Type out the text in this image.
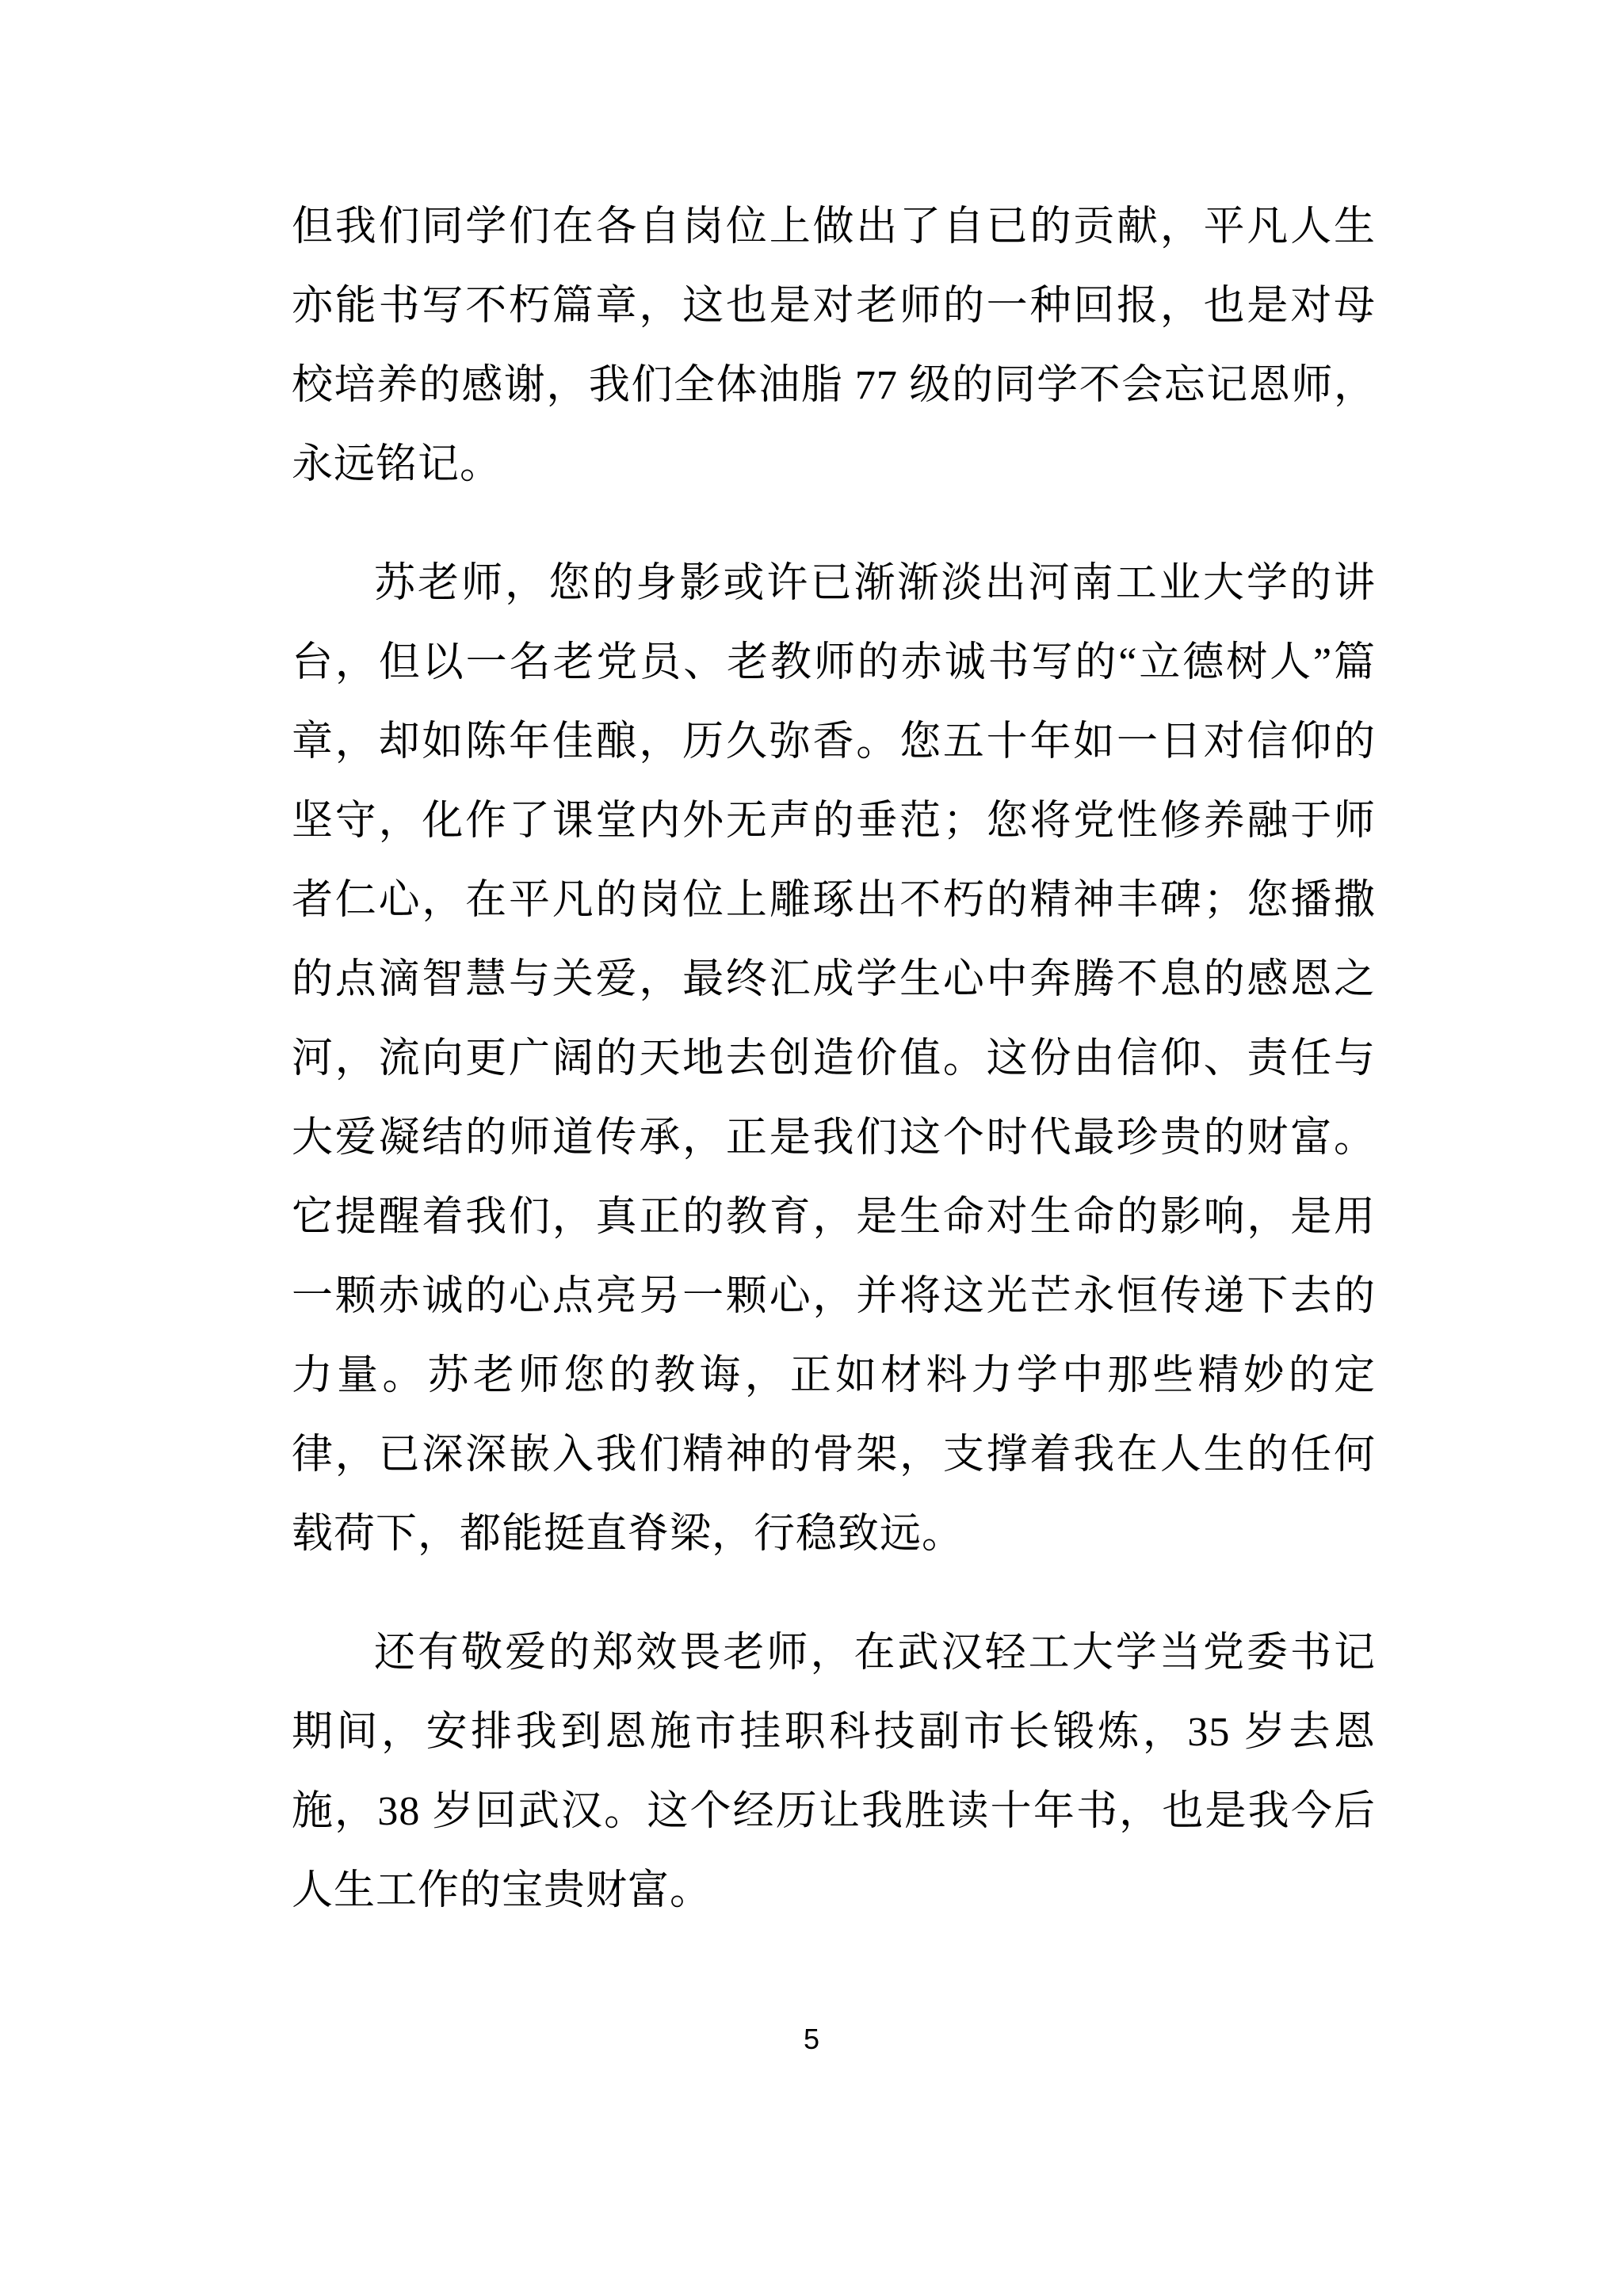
但我们同学们在各自岗位上做出了自已的贡献，平凡人生亦能书写不朽篇章，这也是对老师的一种回报，也是对母校培养的感谢，我们全体油脂 77 级的同学不会忘记恩师，永远铭记。

苏老师，您的身影或许已渐渐淡出河南工业大学的讲台，但以一名老党员、老教师的赤诚书写的“立德树人”篇章，却如陈年佳酿，历久弥香。您五十年如一日对信仰的坚守，化作了课堂内外无声的垂范；您将党性修养融于师者仁心，在平凡的岗位上雕琢出不朽的精神丰碑；您播撒的点滴智慧与关爱，最终汇成学生心中奔腾不息的感恩之河，流向更广阔的天地去创造价值。这份由信仰、责任与大爱凝结的师道传承，正是我们这个时代最珍贵的财富。它提醒着我们，真正的教育，是生命对生命的影响，是用一颗赤诚的心点亮另一颗心，并将这光芒永恒传递下去的力量。苏老师您的教诲，正如材料力学中那些精妙的定律，已深深嵌入我们精神的骨架，支撑着我在人生的任何载荷下，都能挺直脊梁，行稳致远。

还有敬爱的郑效畏老师，在武汉轻工大学当党委书记期间，安排我到恩施市挂职科技副市长锻炼，35 岁去恩施，38 岁回武汉。这个经历让我胜读十年书，也是我今后人生工作的宝贵财富。

5
